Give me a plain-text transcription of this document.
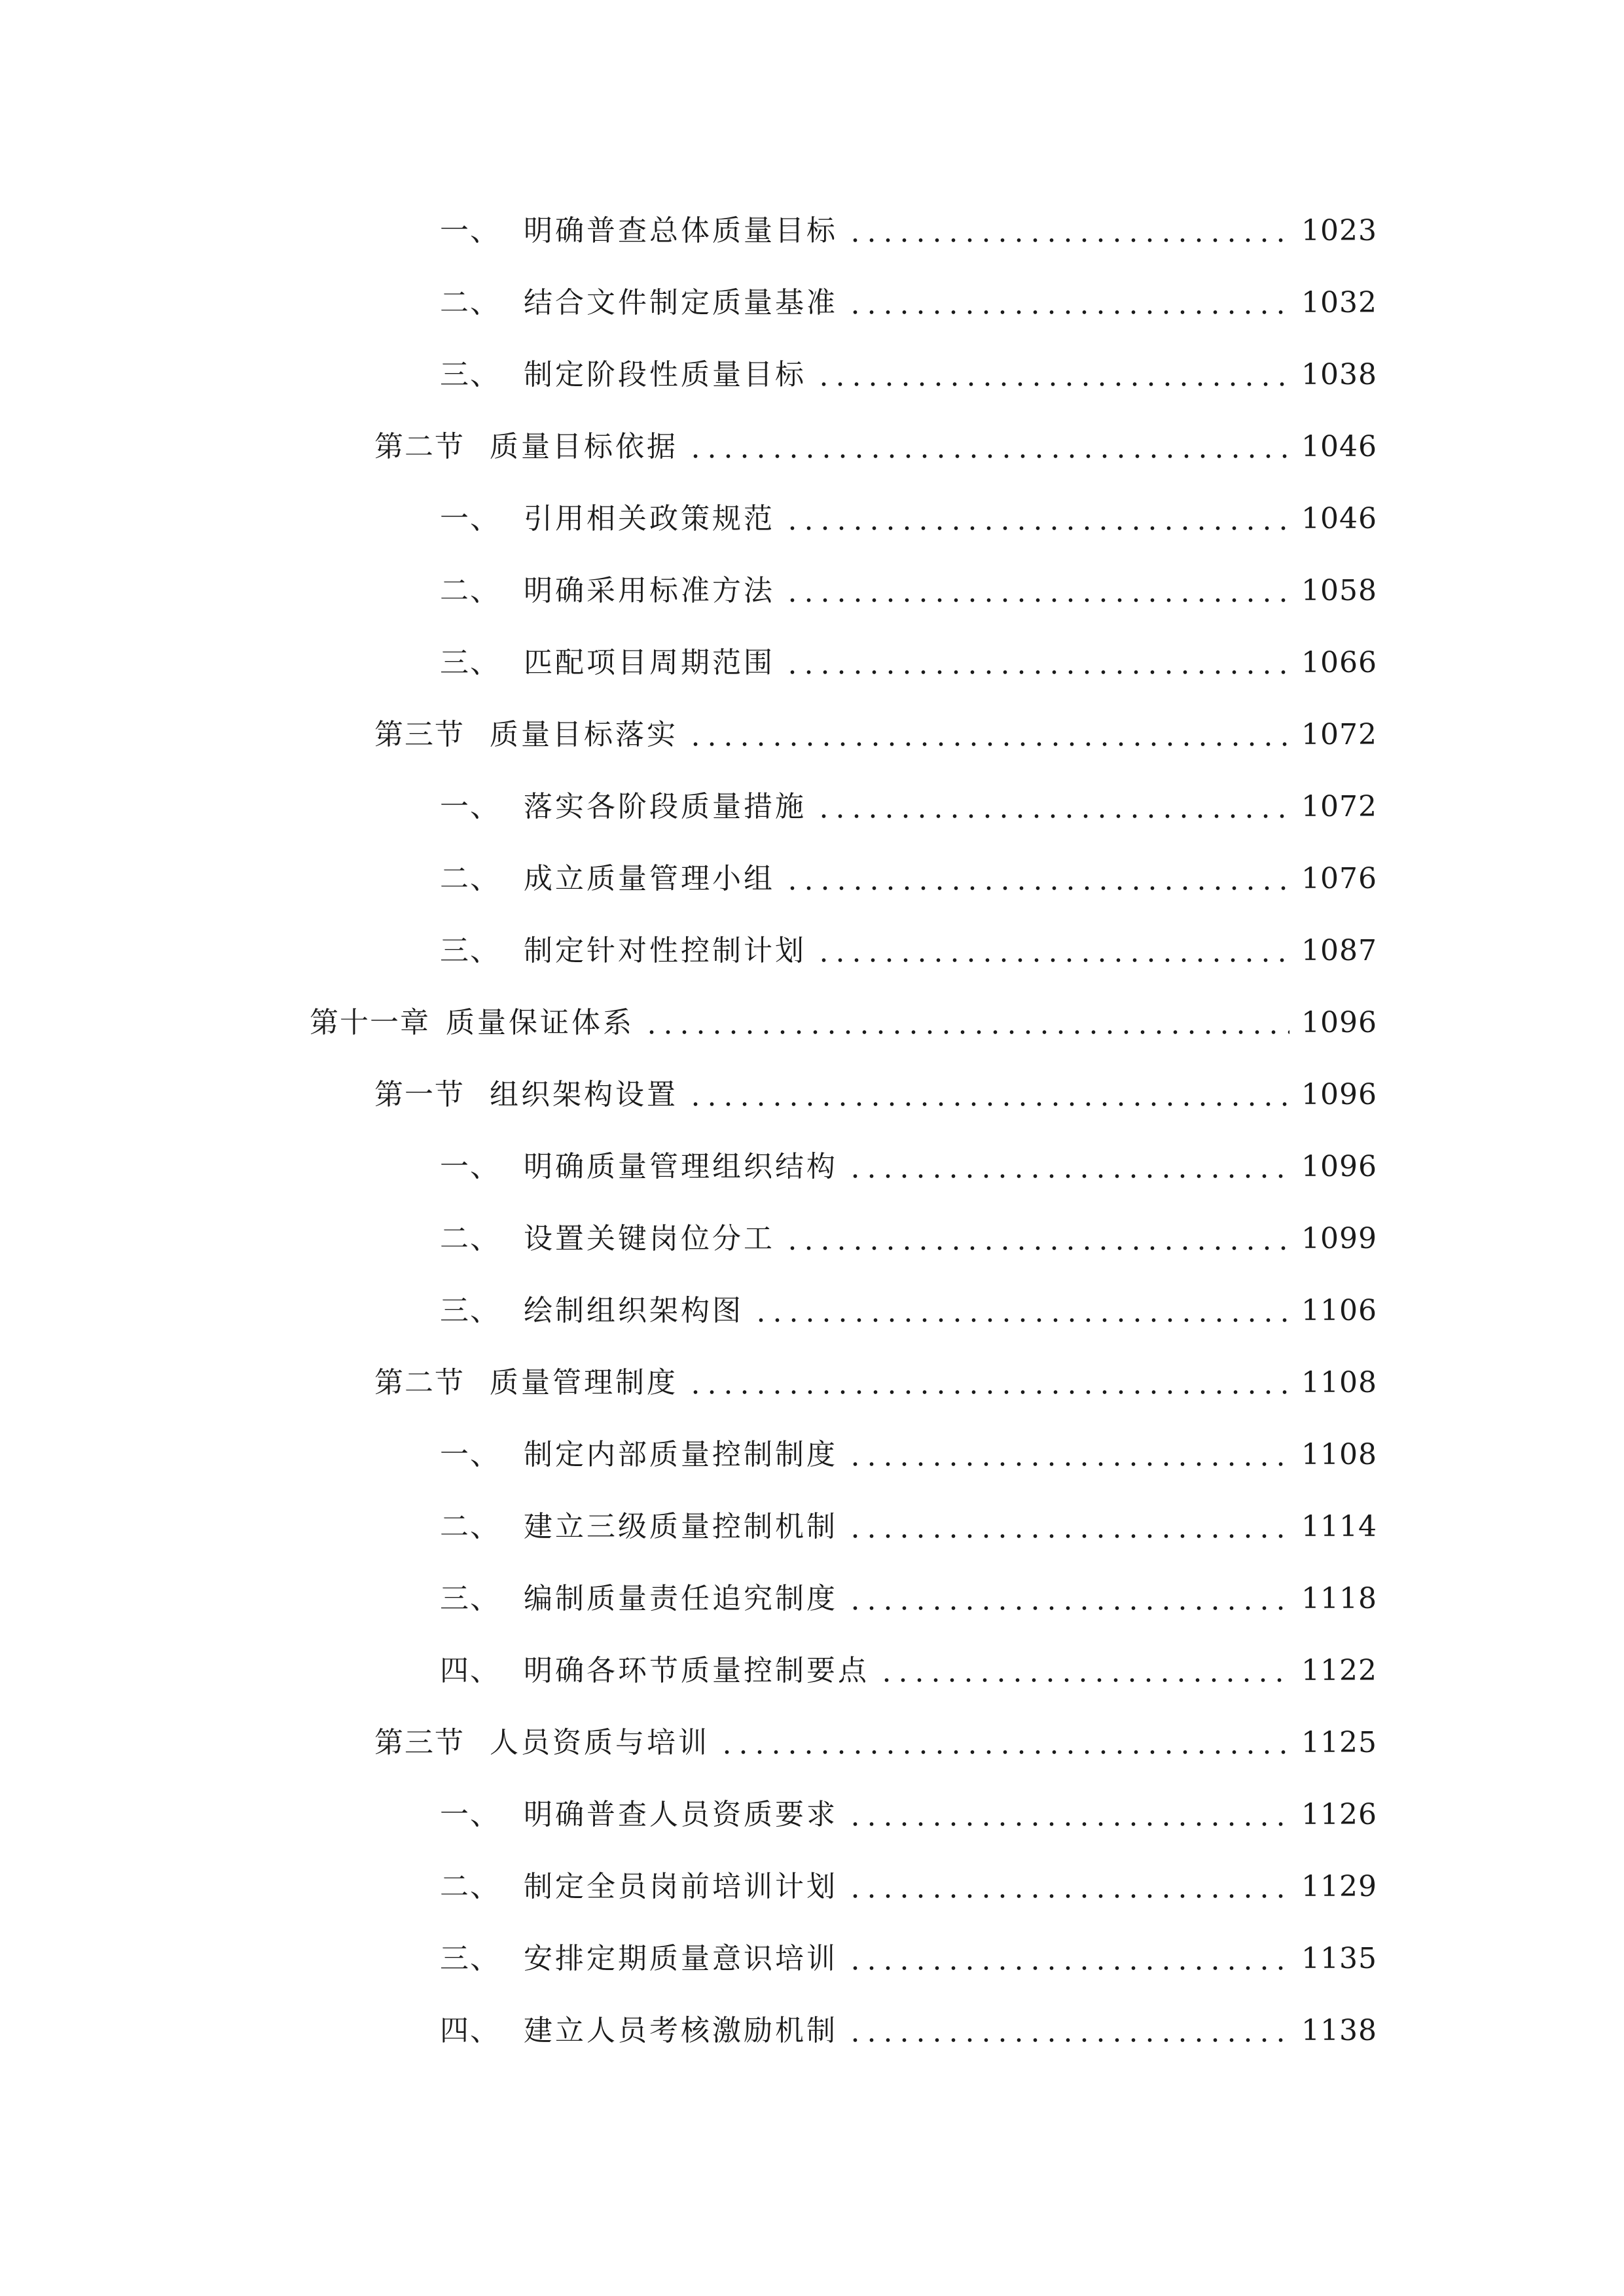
一、 明确普查总体质量目标	1023
二、 结合文件制定质量基准	1032
三、 制定阶段性质量目标	1038
第二节 质量目标依据	1046
一、 引用相关政策规范	1046
二、 明确采用标准方法	1058
三、 匹配项目周期范围	1066
第三节 质量目标落实	1072
一、 落实各阶段质量措施	1072
二、 成立质量管理小组	1076
三、 制定针对性控制计划	1087
第十一章 质量保证体系	1096
第一节 组织架构设置	1096
一、 明确质量管理组织结构	1096
二、 设置关键岗位分工	1099
三、 绘制组织架构图	1106
第二节 质量管理制度	1108
一、 制定内部质量控制制度	1108
二、 建立三级质量控制机制	1114
三、 编制质量责任追究制度	1118
四、 明确各环节质量控制要点	1122
第三节 人员资质与培训	1125
一、 明确普查人员资质要求	1126
二、 制定全员岗前培训计划	1129
三、 安排定期质量意识培训	1135
四、 建立人员考核激励机制	1138
